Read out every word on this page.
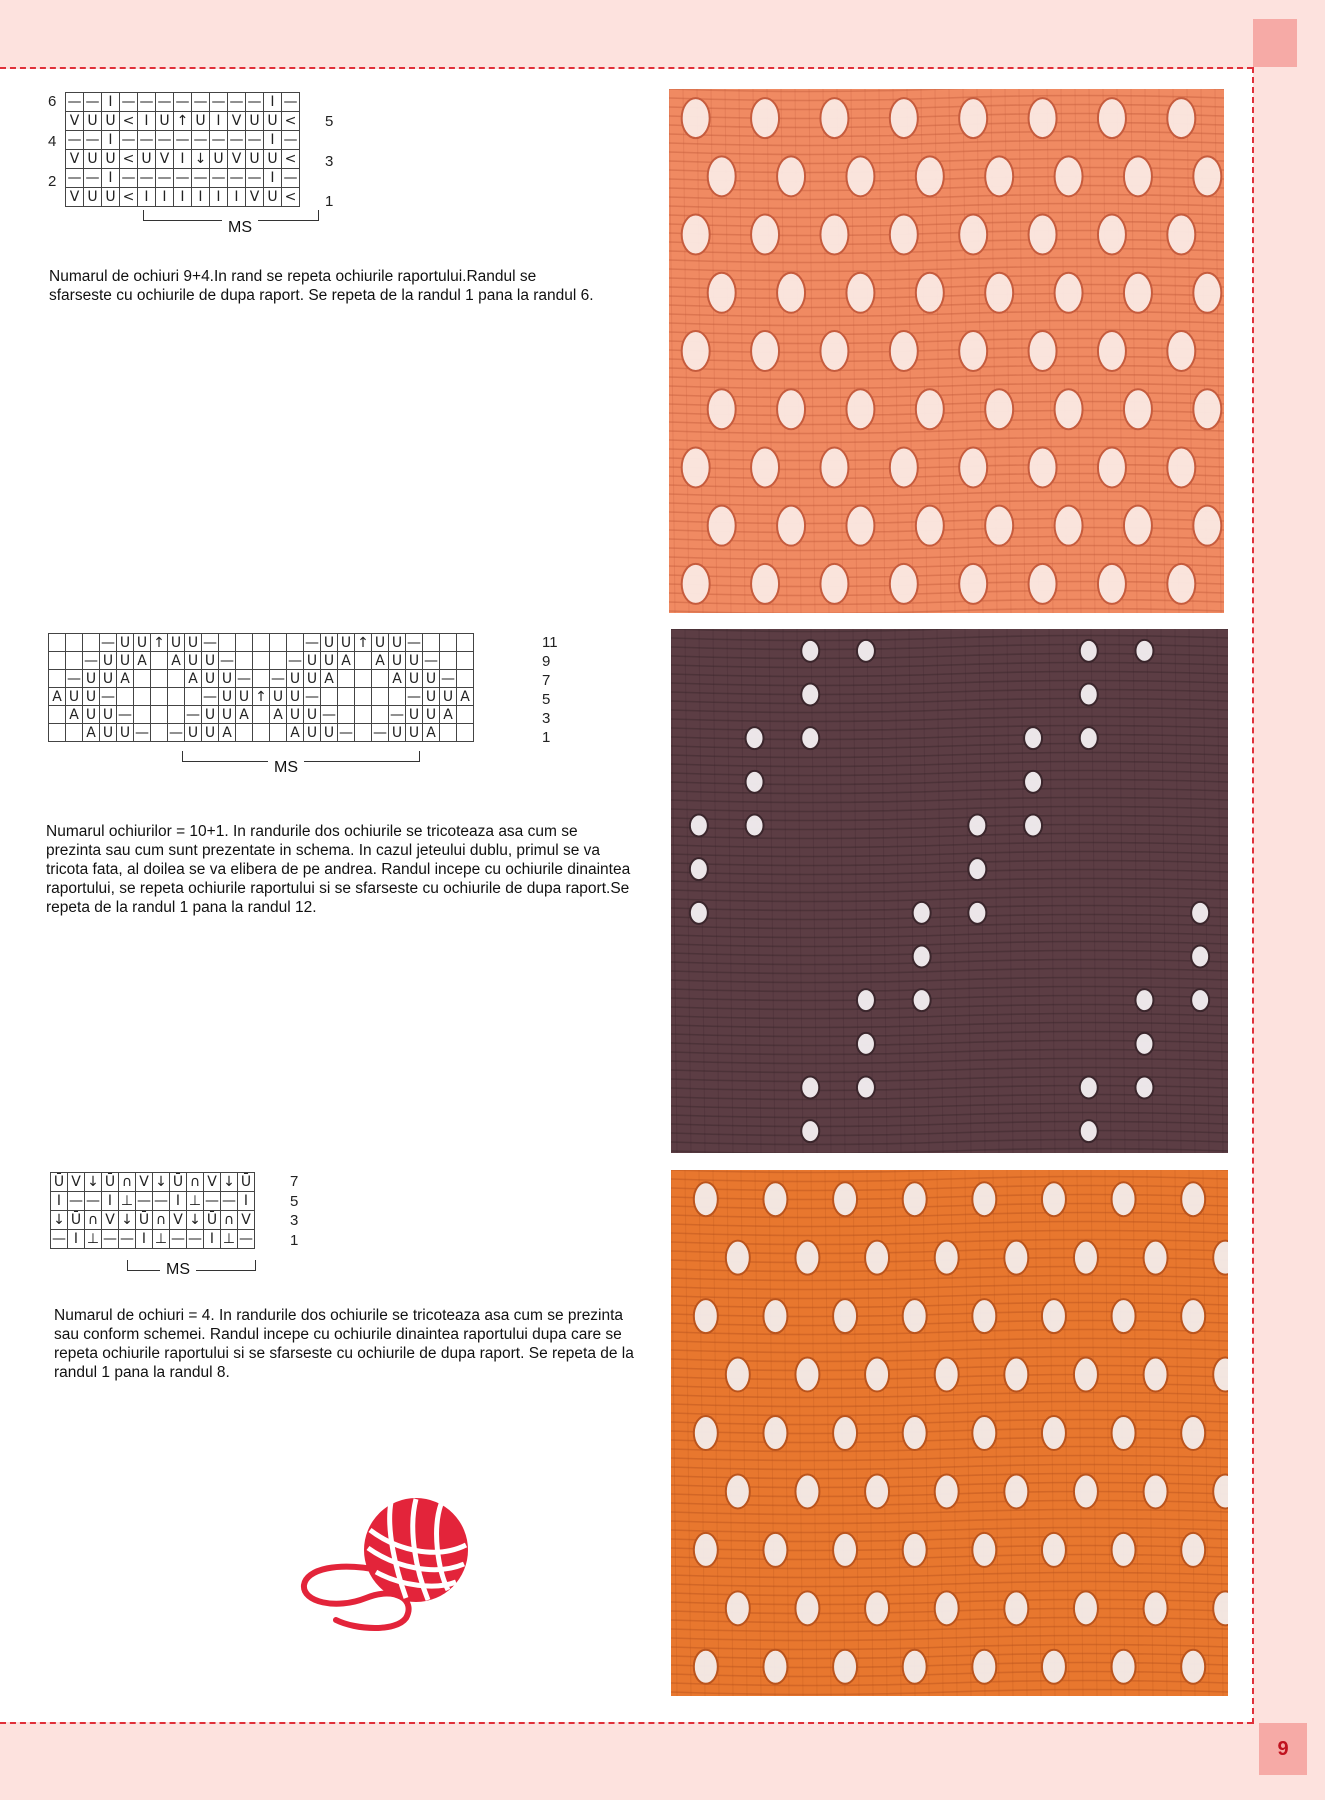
9
—	—	I	—	—	—	—	—	—	—	—	I	—
V	U	U	<	I	U	↑	U	I	V	U	U	<
—	—	I	—	—	—	—	—	—	—	—	I	—
V	U	U	<	U	V	I	↓	U	V	U	U	<
—	—	I	—	—	—	—	—	—	—	—	I	—
V	U	U	<	I	I	I	I	I	I	V	U	<
MS
6
4
2
5
3
1
Numarul de ochiuri 9+4.In rand se repeta ochiurile raportului.Randul se sfarseste cu ochiurile de dupa raport. Se repeta de la randul 1 pana la randul 6.
			—	U	U	↑	U	U	—						—	U	U	↑	U	U	—			
		—	U	U	A		A	U	U	—				—	U	U	A		A	U	U	—		
	—	U	U	A				A	U	U	—		—	U	U	A				A	U	U	—	
A	U	U	—						—	U	U	↑	U	U	—						—	U	U	A
	A	U	U	—				—	U	U	A		A	U	U	—				—	U	U	A	
		A	U	U	—		—	U	U	A				A	U	U	—		—	U	U	A		
MS
11
9
7
5
3
1
Numarul ochiurilor = 10+1. In randurile dos ochiurile se tricoteaza asa cum se prezinta sau cum sunt prezentate in schema. In cazul jeteului dublu, primul se va tricota fata, al doilea se va elibera de pe andrea. Randul incepe cu ochiurile dinaintea raportului, se repeta ochiurile raportului si se sfarseste cu ochiurile de dupa raport.Se repeta de la randul 1 pana la randul 12.
Ū	V	↓	Ū	∩	V	↓	Ū	∩	V	↓	Ū
I	—	—	I	⊥	—	—	I	⊥	—	—	I
↓	Ū	∩	V	↓	Ū	∩	V	↓	Ū	∩	V
—	I	⊥	—	—	I	⊥	—	—	I	⊥	—
MS
7
5
3
1
Numarul de ochiuri = 4. In randurile dos ochiurile se tricoteaza asa cum se prezinta sau conform schemei. Randul incepe cu ochiurile dinaintea raportului dupa care se repeta ochiurile raportului si se sfarseste cu ochiurile de dupa raport. Se repeta de la randul 1 pana la randul 8.
